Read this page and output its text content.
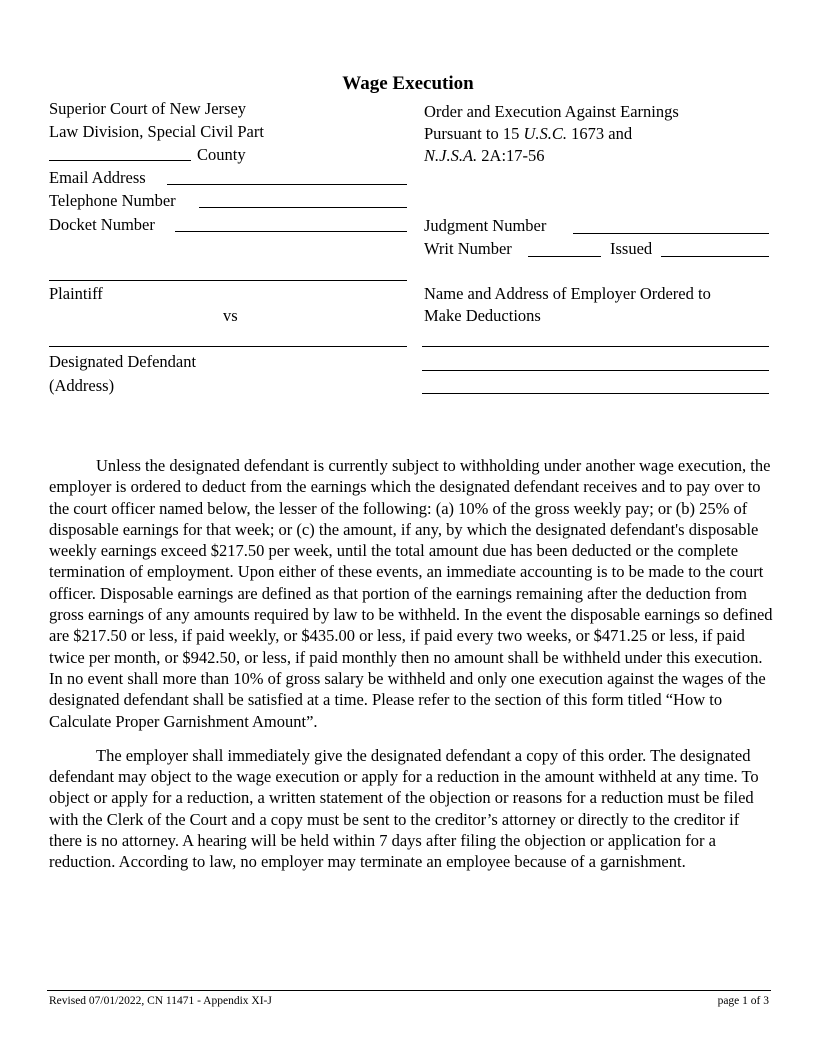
Wage Execution
Superior Court of New Jersey
Law Division, Special Civil Part
County
Email Address
Telephone Number
Docket Number
Plaintiff
vs
Designated Defendant
(Address)
Order and Execution Against Earnings
Pursuant to 15 U.S.C. 1673 and
N.J.S.A. 2A:17-56
Judgment Number
Writ Number	Issued
Name and Address of Employer Ordered to
Make Deductions

Unless the designated defendant is currently subject to withholding under another wage execution, the employer is ordered to deduct from the earnings which the designated defendant receives and to pay over to the court officer named below, the lesser of the following: (a) 10% of the gross weekly pay; or (b) 25% of disposable earnings for that week; or (c) the amount, if any, by which the designated defendant's disposable weekly earnings exceed $217.50 per week, until the total amount due has been deducted or the complete termination of employment. Upon either of these events, an immediate accounting is to be made to the court officer. Disposable earnings are defined as that portion of the earnings remaining after the deduction from gross earnings of any amounts required by law to be withheld. In the event the disposable earnings so defined are $217.50 or less, if paid weekly, or $435.00 or less, if paid every two weeks, or $471.25 or less, if paid twice per month, or $942.50, or less, if paid monthly then no amount shall be withheld under this execution. In no event shall more than 10% of gross salary be withheld and only one execution against the wages of the designated defendant shall be satisfied at a time. Please refer to the section of this form titled “How to Calculate Proper Garnishment Amount”.

The employer shall immediately give the designated defendant a copy of this order. The designated defendant may object to the wage execution or apply for a reduction in the amount withheld at any time. To object or apply for a reduction, a written statement of the objection or reasons for a reduction must be filed with the Clerk of the Court and a copy must be sent to the creditor’s attorney or directly to the creditor if there is no attorney. A hearing will be held within 7 days after filing the objection or application for a reduction. According to law, no employer may terminate an employee because of a garnishment.

Revised 07/01/2022, CN 11471 - Appendix XI-J	page 1 of 3
